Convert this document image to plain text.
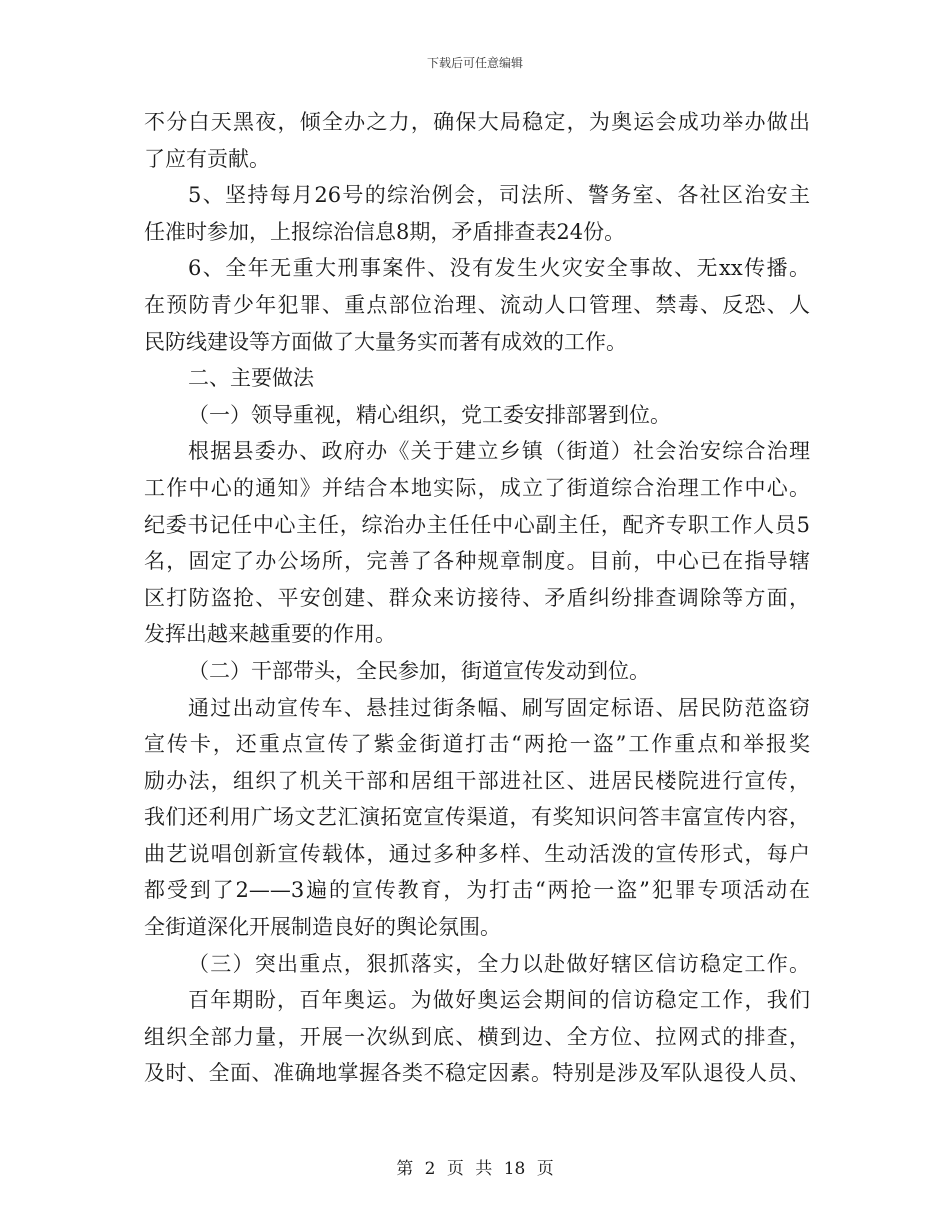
下载后可任意编辑
不分白天黑夜，倾全办之力，确保大局稳定，为奥运会成功举办做出
了应有贡献。
5、坚持每月26号的综治例会，司法所、警务室、各社区治安主
任准时参加，上报综治信息8期，矛盾排查表24份。
6、全年无重大刑事案件、没有发生火灾安全事故、无xx传播。
在预防青少年犯罪、重点部位治理、流动人口管理、禁毒、反恐、人
民防线建设等方面做了大量务实而著有成效的工作。
二、主要做法
（一）领导重视，精心组织，党工委安排部署到位。
根据县委办、政府办《关于建立乡镇（街道）社会治安综合治理
工作中心的通知》并结合本地实际，成立了街道综合治理工作中心。
纪委书记任中心主任，综治办主任任中心副主任，配齐专职工作人员5
名，固定了办公场所，完善了各种规章制度。目前，中心已在指导辖
区打防盗抢、平安创建、群众来访接待、矛盾纠纷排查调除等方面，
发挥出越来越重要的作用。
（二）干部带头，全民参加，街道宣传发动到位。
通过出动宣传车、悬挂过街条幅、刷写固定标语、居民防范盗窃
宣传卡，还重点宣传了紫金街道打击“两抢一盗”工作重点和举报奖
励办法，组织了机关干部和居组干部进社区、进居民楼院进行宣传，
我们还利用广场文艺汇演拓宽宣传渠道，有奖知识问答丰富宣传内容，
曲艺说唱创新宣传载体，通过多种多样、生动活泼的宣传形式，每户
都受到了2——3遍的宣传教育，为打击“两抢一盗”犯罪专项活动在
全街道深化开展制造良好的舆论氛围。
（三）突出重点，狠抓落实，全力以赴做好辖区信访稳定工作。
百年期盼，百年奥运。为做好奥运会期间的信访稳定工作，我们
组织全部力量，开展一次纵到底、横到边、全方位、拉网式的排查，
及时、全面、准确地掌握各类不稳定因素。特别是涉及军队退役人员、
第 2 页 共 18 页
